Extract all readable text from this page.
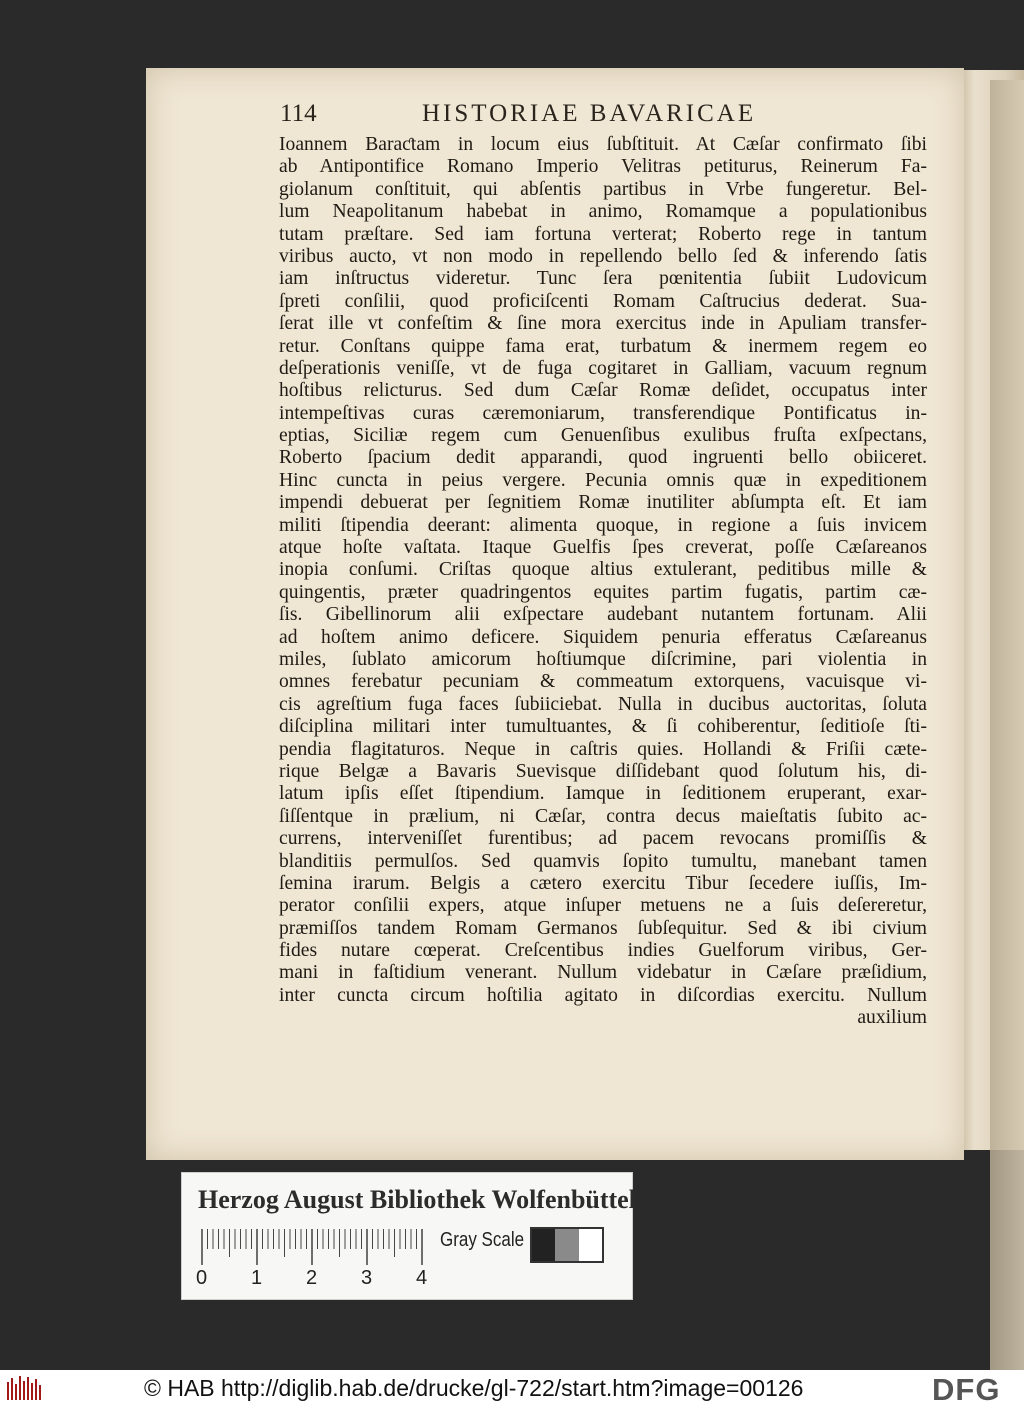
114	HISTORIAE BAVARICAE
Ioannem Baraƈtam in locum eius ſubſtituit. At Cæſar confirmato ſibi
ab Antipontifice Romano Imperio Velitras petiturus, Reinerum Fa-
giolanum conſtituit, qui abſentis partibus in Vrbe fungeretur. Bel-
lum Neapolitanum habebat in animo, Romamque a populationibus
tutam præſtare. Sed iam fortuna verterat; Roberto rege in tantum
viribus aucto, vt non modo in repellendo bello ſed & inferendo ſatis
iam inſtructus videretur. Tunc ſera pœnitentia ſubiit Ludovicum
ſpreti conſilii, quod proficiſcenti Romam Caſtrucius dederat. Sua-
ſerat ille vt confeſtim & ſine mora exercitus inde in Apuliam transfer-
retur. Conſtans quippe fama erat, turbatum & inermem regem eo
deſperationis veniſſe, vt de fuga cogitaret in Galliam, vacuum regnum
hoſtibus relicturus. Sed dum Cæſar Romæ deſidet, occupatus inter
intempeſtivas curas cæremoniarum, transferendique Pontificatus in-
eptias, Siciliæ regem cum Genuenſibus exulibus fruſta exſpectans,
Roberto ſpacium dedit apparandi, quod ingruenti bello obiiceret.
Hinc cuncta in peius vergere. Pecunia omnis quæ in expeditionem
impendi debuerat per ſegnitiem Romæ inutiliter abſumpta eſt. Et iam
militi ſtipendia deerant: alimenta quoque, in regione a ſuis invicem
atque hoſte vaſtata. Itaque Guelfis ſpes creverat, poſſe Cæſareanos
inopia conſumi. Criſtas quoque altius extulerant, peditibus mille &
quingentis, præter quadringentos equites partim fugatis, partim cæ-
ſis. Gibellinorum alii exſpectare audebant nutantem fortunam. Alii
ad hoſtem animo deficere. Siquidem penuria efferatus Cæſareanus
miles, ſublato amicorum hoſtiumque diſcrimine, pari violentia in
omnes ferebatur pecuniam & commeatum extorquens, vacuisque vi-
cis agreſtium fuga faces ſubiiciebat. Nulla in ducibus auctoritas, ſoluta
diſciplina militari inter tumultuantes, & ſi cohiberentur, ſeditioſe ſti-
pendia flagitaturos. Neque in caſtris quies. Hollandi & Friſii cæte-
rique Belgæ a Bavaris Suevisque diſſidebant quod ſolutum his, di-
latum ipſis eſſet ſtipendium. Iamque in ſeditionem eruperant, exar-
ſiſſentque in prælium, ni Cæſar, contra decus maieſtatis ſubito ac-
currens, interveniſſet furentibus; ad pacem revocans promiſſis &
blanditiis permulſos. Sed quamvis ſopito tumultu, manebant tamen
ſemina irarum. Belgis a cætero exercitu Tibur ſecedere iuſſis, Im-
perator conſilii expers, atque inſuper metuens ne a ſuis deſereretur,
præmiſſos tandem Romam Germanos ſubſequitur. Sed & ibi civium
fides nutare cœperat. Creſcentibus indies Guelforum viribus, Ger-
mani in faſtidium venerant. Nullum videbatur in Cæſare præſidium,
inter cuncta circum hoſtilia agitato in diſcordias exercitu. Nullum
auxilium
Herzog August Bibliothek Wolfenbüttel
0 1 2 3 4
Gray Scale
© HAB http://diglib.hab.de/drucke/gl-722/start.htm?image=00126	DFG
